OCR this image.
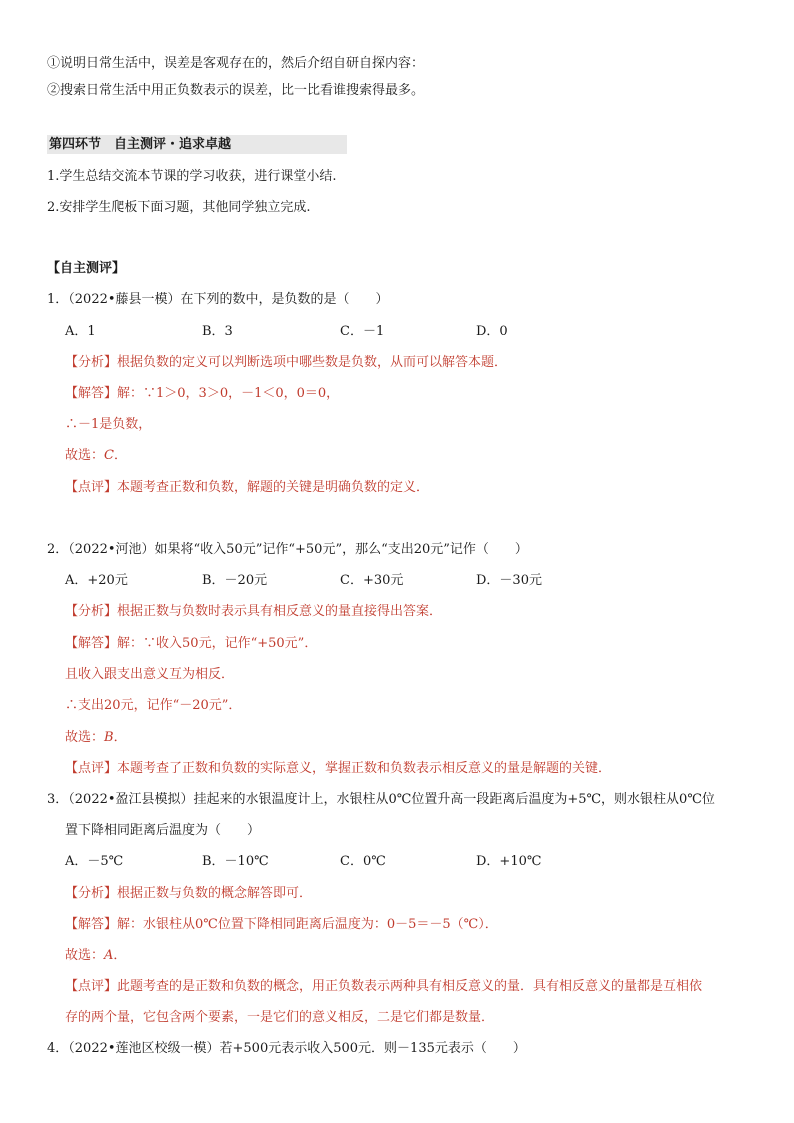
①说明日常生活中，误差是客观存在的，然后介绍自研自探内容：
②搜索日常生活中用正负数表示的误差，比一比看谁搜索得最多。
第四环节　自主测评・追求卓越
1.学生总结交流本节课的学习收获，进行课堂小结.
2.安排学生爬板下面习题，其他同学独立完成.
【自主测评】
1．（2022•藤县一模）在下列的数中，是负数的是（　　）
A．1	B．3	C．－1	D．0
【分析】根据负数的定义可以判断选项中哪些数是负数，从而可以解答本题．
【解答】解：∵1＞0，3＞0，－1＜0，0＝0，
∴－1是负数，
故选：C．
【点评】本题考查正数和负数，解题的关键是明确负数的定义．
2．（2022•河池）如果将“收入50元”记作“+50元”，那么“支出20元”记作（　　）
A．+20元	B．－20元	C．+30元	D．－30元
【分析】根据正数与负数时表示具有相反意义的量直接得出答案．
【解答】解：∵收入50元，记作“+50元”．
且收入跟支出意义互为相反．
∴支出20元，记作“－20元”．
故选：B．
【点评】本题考查了正数和负数的实际意义，掌握正数和负数表示相反意义的量是解题的关键．
3．（2022•盈江县模拟）挂起来的水银温度计上，水银柱从0℃位置升高一段距离后温度为+5℃，则水银柱从0℃位
置下降相同距离后温度为（　　）
A．－5℃	B．－10℃	C．0℃	D．+10℃
【分析】根据正数与负数的概念解答即可．
【解答】解：水银柱从0℃位置下降相同距离后温度为：0－5＝－5（℃）．
故选：A．
【点评】此题考查的是正数和负数的概念，用正负数表示两种具有相反意义的量．具有相反意义的量都是互相依
存的两个量，它包含两个要素，一是它们的意义相反，二是它们都是数量．
4．（2022•莲池区校级一模）若+500元表示收入500元．则－135元表示（　　）
